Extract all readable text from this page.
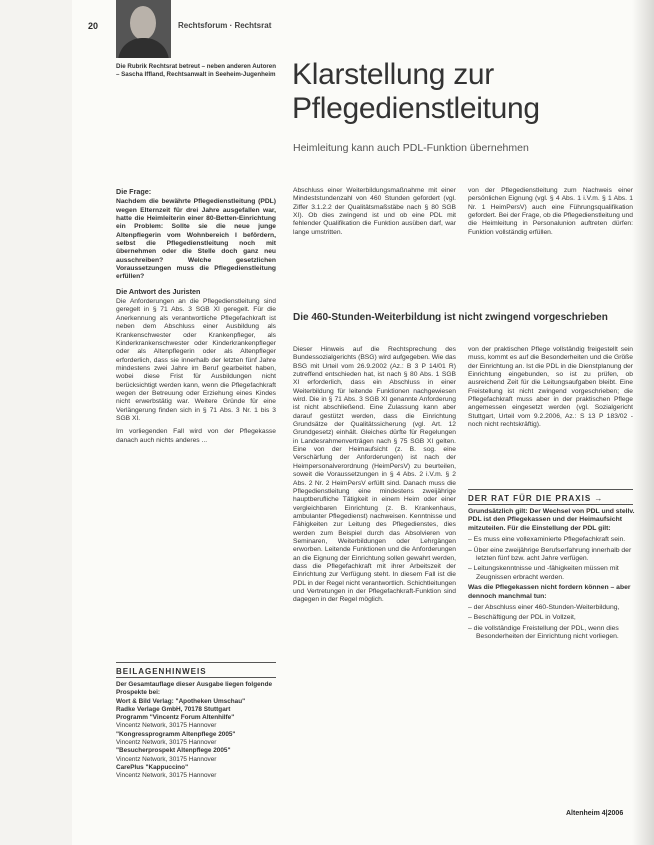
20	Rechtsforum · Rechtsrat
Die Rubrik Rechtsrat betreut – neben anderen Autoren – Sascha Iffland, Rechtsanwalt in Seeheim-Jugenheim Klarstellung zur Pflegedienstleitung
Heimleitung kann auch PDL-Funktion übernehmen
Die Frage:

Nachdem die bewährte Pflegedienstleitung (PDL) wegen Elternzeit für drei Jahre ausgefallen war, hatte die Heimleiterin einer 80-Betten-Einrichtung ein Problem: Sollte sie die neue junge Altenpflegerin vom Wohnbereich I befördern, selbst die Pflegedienstleitung noch mit übernehmen oder die Stelle doch ganz neu ausschreiben? Welche gesetzlichen Voraussetzungen muss die Pflegedienstleitung erfüllen?

Die Antwort des Juristen

Die Anforderungen an die Pflegedienstleitung sind geregelt in § 71 Abs. 3 SGB XI geregelt. Für die Anerkennung als verantwortliche Pflegefachkraft ist neben dem Abschluss einer Ausbildung als Krankenschwester oder Krankenpfleger, als Kinderkrankenschwester oder Kinderkrankenpfleger oder als Altenpflegerin oder als Altenpfleger erforderlich, dass sie innerhalb der letzten fünf Jahre mindestens zwei Jahre im Beruf gearbeitet haben, wobei diese Frist für Ausbildungen nicht berücksichtigt werden kann, wenn die Pflegefachkraft wegen der Betreuung oder Erziehung eines Kindes nicht erwerbstätig war. Weitere Gründe für eine Verlängerung finden sich in § 71 Abs. 3 Nr. 1 bis 3 SGB XI.

Im vorliegenden Fall wird von der Pflegekasse danach auch nichts anderes ...

Abschluss einer Weiterbildungsmaßnahme mit einer Mindeststundenzahl von 460 Stunden gefordert (vgl. Ziffer 3.1.2.2 der Qualitätsmaßstäbe nach § 80 SGB XI). Ob dies zwingend ist und ob eine PDL mit fehlender Qualifikation die Funktion ausüben darf, war lange umstritten.

von der Pflegedienstleitung zum Nachweis einer persönlichen Eignung (vgl. § 4 Abs. 1 i.V.m. § 1 Abs. 1 Nr. 1 HeimPersV) auch eine Führungsqualifikation gefordert. Bei der Frage, ob die Pflegedienstleitung und die Heimleitung in Personalunion auftreten dürfen: Funktion vollständig erfüllen.

Die 460-Stunden-Weiterbildung ist nicht zwingend vorgeschrieben

Dieser Hinweis auf die Rechtsprechung des Bundessozialgerichts (BSG) wird aufgegeben. Wie das BSG mit Urteil vom 26.9.2002 (Az.: B 3 P 14/01 R) zutreffend entschieden hat, ist nach § 80 Abs. 1 SGB XI erforderlich, dass ein Abschluss in einer Weiterbildung für leitende Funktionen nachgewiesen wird. Die in § 71 Abs. 3 SGB XI genannte Anforderung ist nicht abschließend. Eine Zulassung kann aber darauf gestützt werden, dass die Einrichtung Grundsätze der Qualitätssicherung (vgl. Art. 12 Grundgesetz) einhält. Gleiches dürfte für Regelungen in Landesrahmenverträgen nach § 75 SGB XI gelten. Eine von der Heimaufsicht (z. B. sog. eine Verschärfung der Anforderungen) ist nach der Heimpersonalverordnung (HeimPersV) zu beurteilen, soweit die Voraussetzungen in § 4 Abs. 2 i.V.m. § 2 Abs. 2 Nr. 2 HeimPersV erfüllt sind. Danach muss die Pflegedienstleitung eine mindestens zweijährige hauptberufliche Tätigkeit in einem Heim oder einer vergleichbaren Einrichtung (z. B. Krankenhaus, ambulanter Pflegedienst) nachweisen. Kenntnisse und Fähigkeiten zur Leitung des Pflegedienstes, dies werden zum Beispiel durch das Absolvieren von Seminaren, Weiterbildungen oder Lehrgängen erworben. Leitende Funktionen und die Anforderungen an die Eignung der Einrichtung sollen gewahrt werden, dass die Pflegefachkraft mit ihrer Arbeitszeit der Einrichtung zur Verfügung steht. In diesem Fall ist die PDL in der Regel nicht verantwortlich. Schichtleitungen und Vertretungen in der Pflegefachkraft-Funktion sind dagegen in der Regel möglich.

von der praktischen Pflege vollständig freigestellt sein muss, kommt es auf die Besonderheiten und die Größe der Einrichtung an. Ist die PDL in die Dienstplanung der Einrichtung eingebunden, so ist zu prüfen, ob ausreichend Zeit für die Leitungsaufgaben bleibt. Eine Freistellung ist nicht zwingend vorgeschrieben; die Pflegefachkraft muss aber in der praktischen Pflege angemessen eingesetzt werden (vgl. Sozialgericht Stuttgart, Urteil vom 9.2.2006, Az.: S 13 P 183/02 - noch nicht rechtskräftig).

DER RAT FÜR DIE PRAXIS →

Grundsätzlich gilt: Der Wechsel von PDL und stellv. PDL ist den Pflegekassen und der Heimaufsicht mitzuteilen. Für die Einstellung der PDL gilt:

– Es muss eine vollexaminierte Pflegefachkraft sein.

– Über eine zweijährige Berufserfahrung innerhalb der letzten fünf bzw. acht Jahre verfügen.

– Leitungskenntnisse und -fähigkeiten müssen mit Zeugnissen erbracht werden.

Was die Pflegekassen nicht fordern können – aber dennoch manchmal tun:

– der Abschluss einer 460-Stunden-Weiterbildung,

– Beschäftigung der PDL in Vollzeit,

– die vollständige Freistellung der PDL, wenn dies Besonderheiten der Einrichtung nicht vorliegen.

BEILAGENHINWEIS
Der Gesamtauflage dieser Ausgabe liegen folgende Prospekte bei:
Wort & Bild Verlag: "Apotheken Umschau"
Radke Verlage GmbH, 70178 Stuttgart
Programm "Vincentz Forum Altenhilfe"
Vincentz Network, 30175 Hannover
"Kongressprogramm Altenpflege 2005"
Vincentz Network, 30175 Hannover
"Besucherprospekt Altenpflege 2005"
Vincentz Network, 30175 Hannover
CarePlus "Kappuccino"
Vincentz Network, 30175 Hannover
Altenheim 4|2006
